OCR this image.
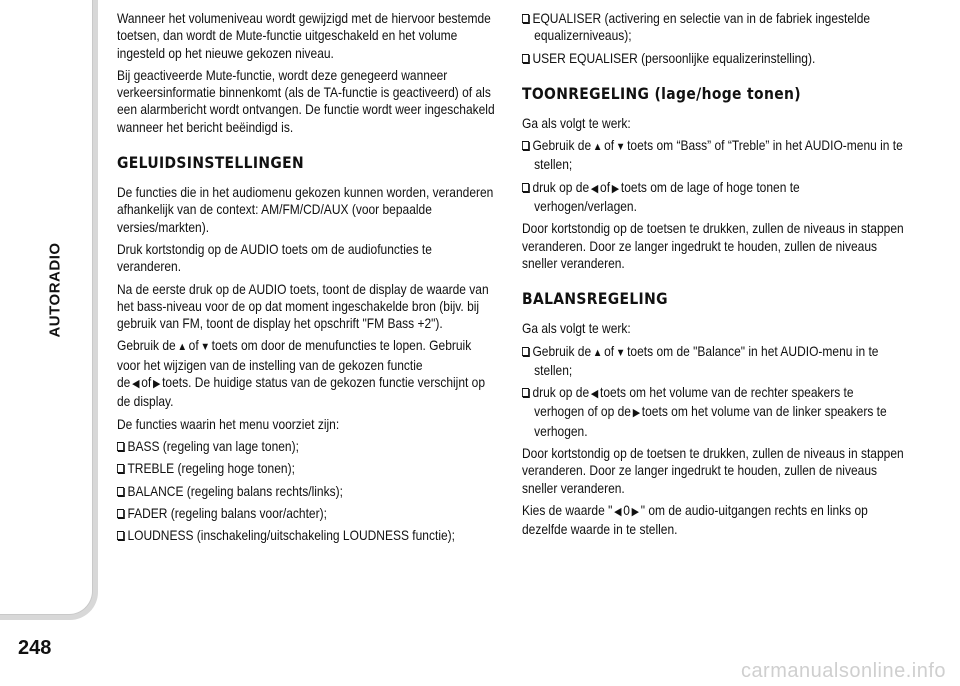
AUTORADIO
248

Wanneer het volumeniveau wordt gewijzigd met de hiervoor bestemde toetsen, dan wordt de Mute-functie uitgeschakeld en het volume ingesteld op het nieuwe gekozen niveau.

Bij geactiveerde Mute-functie, wordt deze genegeerd wanneer verkeersinformatie binnenkomt (als de TA-functie is geactiveerd) of als een alarmbericht wordt ontvangen. De functie wordt weer ingeschakeld wanneer het bericht beëindigd is.

GELUIDSINSTELLINGEN

De functies die in het audiomenu gekozen kunnen worden, veranderen afhankelijk van de context: AM/FM/CD/AUX (voor bepaalde versies/markten).

Druk kortstondig op de AUDIO toets om de audiofuncties te veranderen.

Na de eerste druk op de AUDIO toets, toont de display de waarde van het bass-niveau voor de op dat moment ingeschakelde bron (bijv. bij gebruik van FM, toont de display het opschrift "FM Bass +2").

Gebruik de ▲ of ▼ toets om door de menufuncties te lopen. Gebruik voor het wijzigen van de instelling van de gekozen functie de ◀ of ▶ toets. De huidige status van de gekozen functie verschijnt op de display.

De functies waarin het menu voorziet zijn:

BASS (regeling van lage tonen);

TREBLE (regeling hoge tonen);

BALANCE (regeling balans rechts/links);

FADER (regeling balans voor/achter);

LOUDNESS (inschakeling/uitschakeling LOUDNESS functie);

EQUALISER (activering en selectie van in de fabriek ingestelde equalizerniveaus);

USER EQUALISER (persoonlijke equalizerinstelling).

TOONREGELING (lage/hoge tonen)

Ga als volgt te werk:

Gebruik de ▲ of ▼ toets om “Bass” of “Treble” in het AUDIO-menu in te stellen;

druk op de ◀ of ▶ toets om de lage of hoge tonen te verhogen/verlagen.

Door kortstondig op de toetsen te drukken, zullen de niveaus in stappen veranderen. Door ze langer ingedrukt te houden, zullen de niveaus sneller veranderen.

BALANSREGELING

Ga als volgt te werk:

Gebruik de ▲ of ▼ toets om de "Balance" in het AUDIO-menu in te stellen;

druk op de ◀ toets om het volume van de rechter speakers te verhogen of op de ▶ toets om het volume van de linker speakers te verhogen.

Door kortstondig op de toetsen te drukken, zullen de niveaus in stappen veranderen. Door ze langer ingedrukt te houden, zullen de niveaus sneller veranderen.

Kies de waarde " ◀ 0 ▶ " om de audio-uitgangen rechts en links op dezelfde waarde in te stellen.

carmanualsonline.info
